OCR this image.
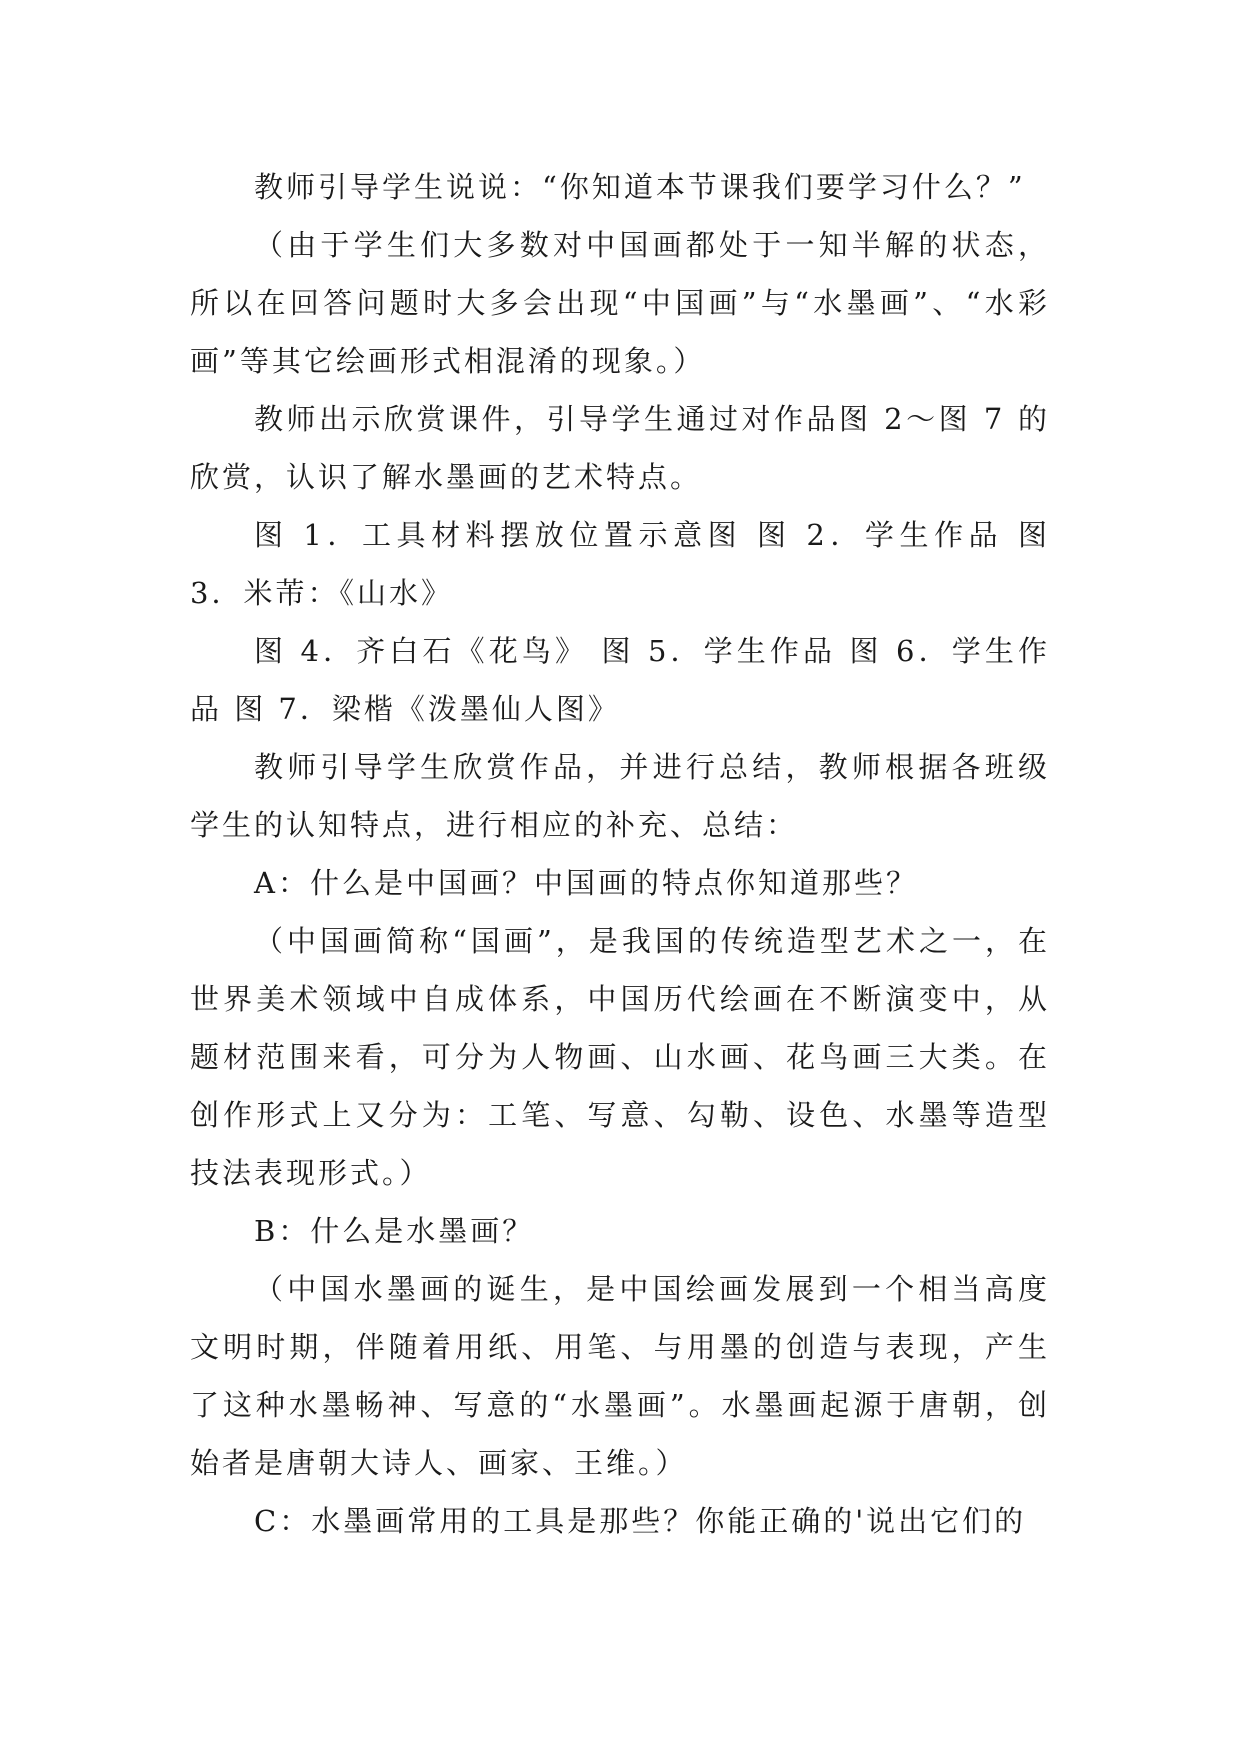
教师引导学生说说：“你知道本节课我们要学习什么？”

（由于学生们大多数对中国画都处于一知半解的状态，所以在回答问题时大多会出现“中国画”与“水墨画”、“水彩画”等其它绘画形式相混淆的现象。）

教师出示欣赏课件，引导学生通过对作品图 2～图 7 的欣赏，认识了解水墨画的艺术特点。

图 1．工具材料摆放位置示意图 图 2．学生作品 图 3．米芾：《山水》

图 4．齐白石《花鸟》 图 5．学生作品 图 6．学生作品 图 7．梁楷《泼墨仙人图》

教师引导学生欣赏作品，并进行总结，教师根据各班级学生的认知特点，进行相应的补充、总结：

A：什么是中国画？中国画的特点你知道那些？

（中国画简称“国画”，是我国的传统造型艺术之一，在世界美术领域中自成体系，中国历代绘画在不断演变中，从题材范围来看，可分为人物画、山水画、花鸟画三大类。在创作形式上又分为：工笔、写意、勾勒、设色、水墨等造型技法表现形式。）

B：什么是水墨画？

（中国水墨画的诞生，是中国绘画发展到一个相当高度文明时期，伴随着用纸、用笔、与用墨的创造与表现，产生了这种水墨畅神、写意的“水墨画”。水墨画起源于唐朝，创始者是唐朝大诗人、画家、王维。）

C：水墨画常用的工具是那些？你能正确的'说出它们的
